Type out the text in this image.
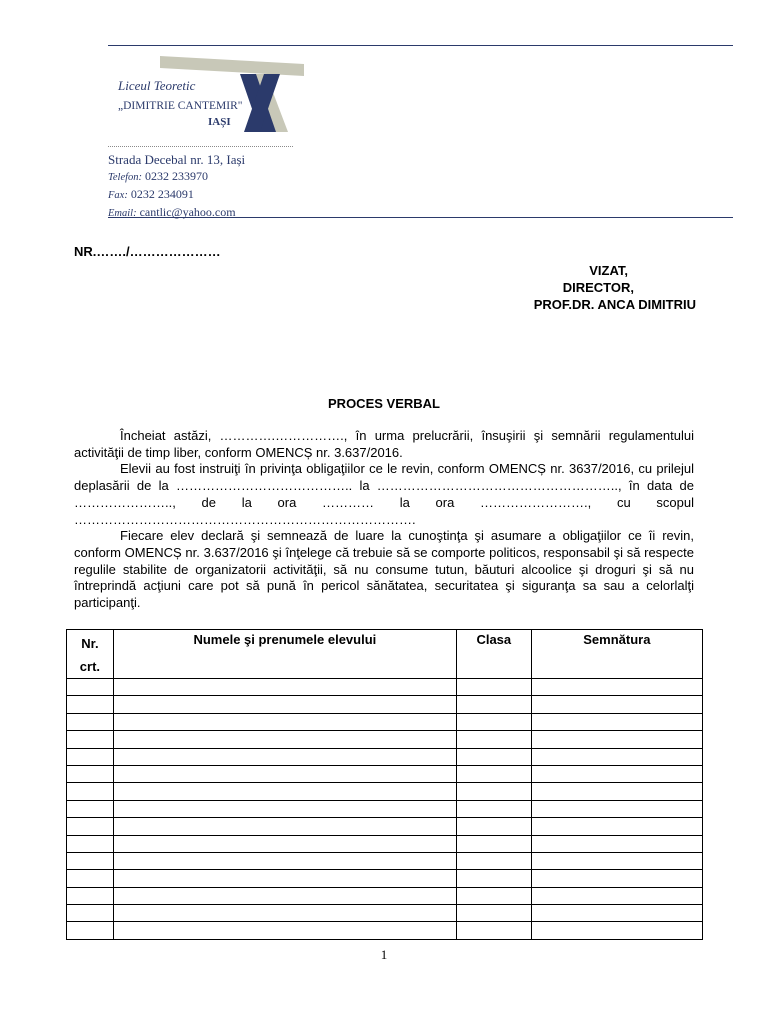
Liceul Teoretic
„DIMITRIE CANTEMIR"
IAȘI
Strada Decebal nr. 13, Iași
Telefon: 0232 233970
Fax: 0232 234091
Email: cantlic@yahoo.com
NR.……./…………………
VIZAT,
DIRECTOR,
PROF.DR. ANCA DIMITRIU
PROCES VERBAL

Încheiat astăzi, ………….……………., în urma prelucrării, însuşirii şi semnării regulamentului activităţii de timp liber, conform OMENCȘ nr. 3.637/2016.

Elevii au fost instruiţi în privinţa obligaţiilor ce le revin, conform OMENCȘ nr. 3637/2016, cu prilejul deplasării de la ………………………………….. la ……………………………………………….., în data de ………………….., de la ora ………… la ora ……………………., cu scopul …………………………………………………………………….

Fiecare elev declară şi semnează de luare la cunoştinţa şi asumare a obligaţiilor ce îi revin, conform OMENCȘ nr. 3.637/2016 şi înţelege că trebuie să se comporte politicos, responsabil şi să respecte regulile stabilite de organizatorii activităţii, să nu consume tutun, băuturi alcoolice şi droguri şi să nu întreprindă acţiuni care pot să pună în pericol sănătatea, securitatea şi siguranţa sa sau a celorlalţi participanţi.

Nr.
crt.	Numele şi prenumele elevului	Clasa	Semnătura

1
